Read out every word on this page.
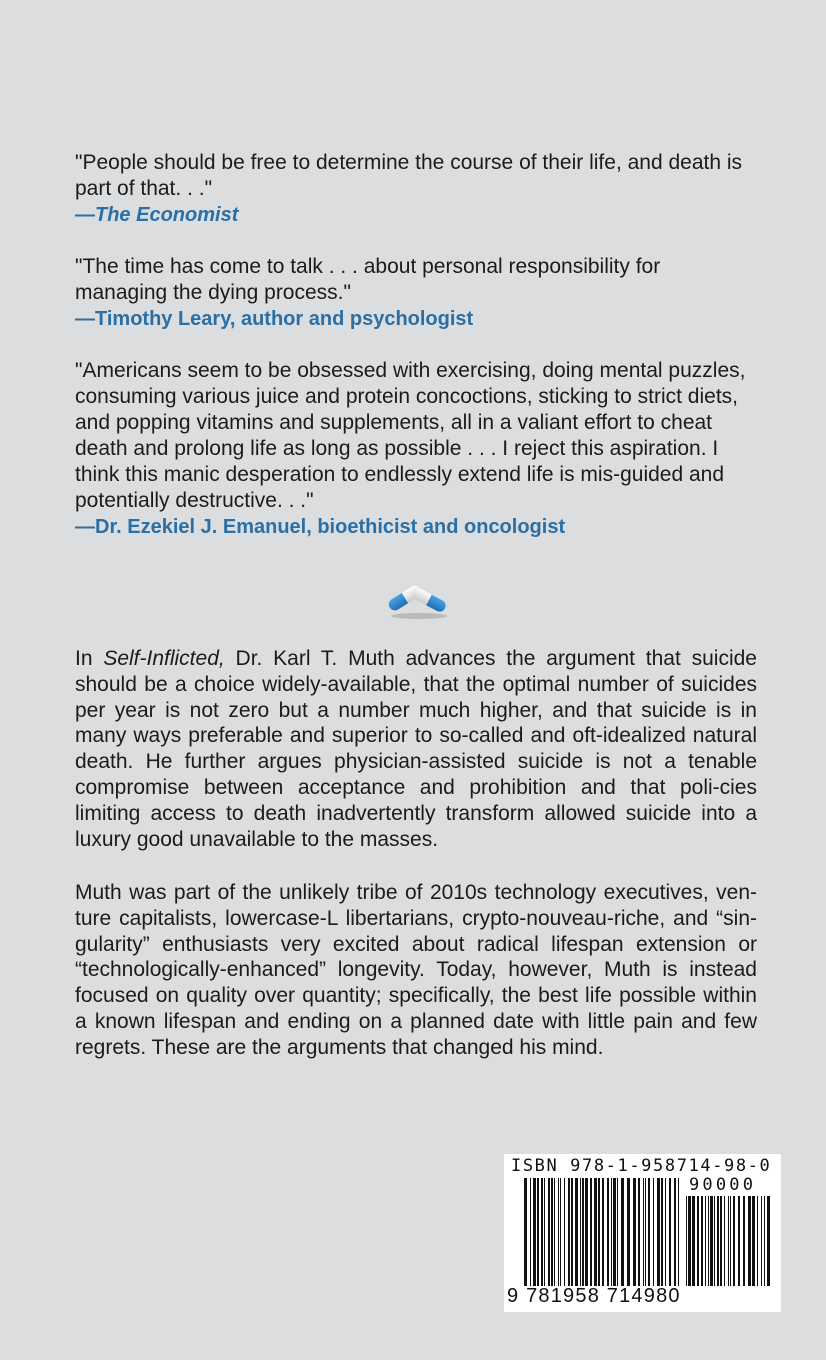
"People should be free to determine the course of their life, and death is part of that. . ."

—The Economist

"The time has come to talk . . . about personal responsibility for managing the dying process."

—Timothy Leary, author and psychologist

"Americans seem to be obsessed with exercising, doing mental puzzles, consuming various juice and protein concoctions, sticking to strict diets, and popping vitamins and supplements, all in a valiant effort to cheat death and prolong life as long as possible . . . I reject this aspiration. I think this manic desperation to endlessly extend life is mis-guided and potentially destructive. . ."

—Dr. Ezekiel J. Emanuel, bioethicist and oncologist

In Self-Inflicted, Dr. Karl T. Muth advances the argument that suicide should be a choice widely-available, that the optimal number of suicides per year is not zero but a number much higher, and that suicide is in many ways preferable and superior to so-called and oft-idealized natural death. He further argues physician-assisted suicide is not a tenable compromise between acceptance and prohibition and that poli-cies limiting access to death inadvertently transform allowed suicide into a luxury good unavailable to the masses.

Muth was part of the unlikely tribe of 2010s technology executives, ven-ture capitalists, lowercase-L libertarians, crypto-nouveau-riche, and “sin-gularity” enthusiasts very excited about radical lifespan extension or “technologically-enhanced” longevity. Today, however, Muth is instead focused on quality over quantity; specifically, the best life possible within a known lifespan and ending on a planned date with little pain and few regrets. These are the arguments that changed his mind.

ISBN 978-1-958714-98-0
90000
9 781958 714980
